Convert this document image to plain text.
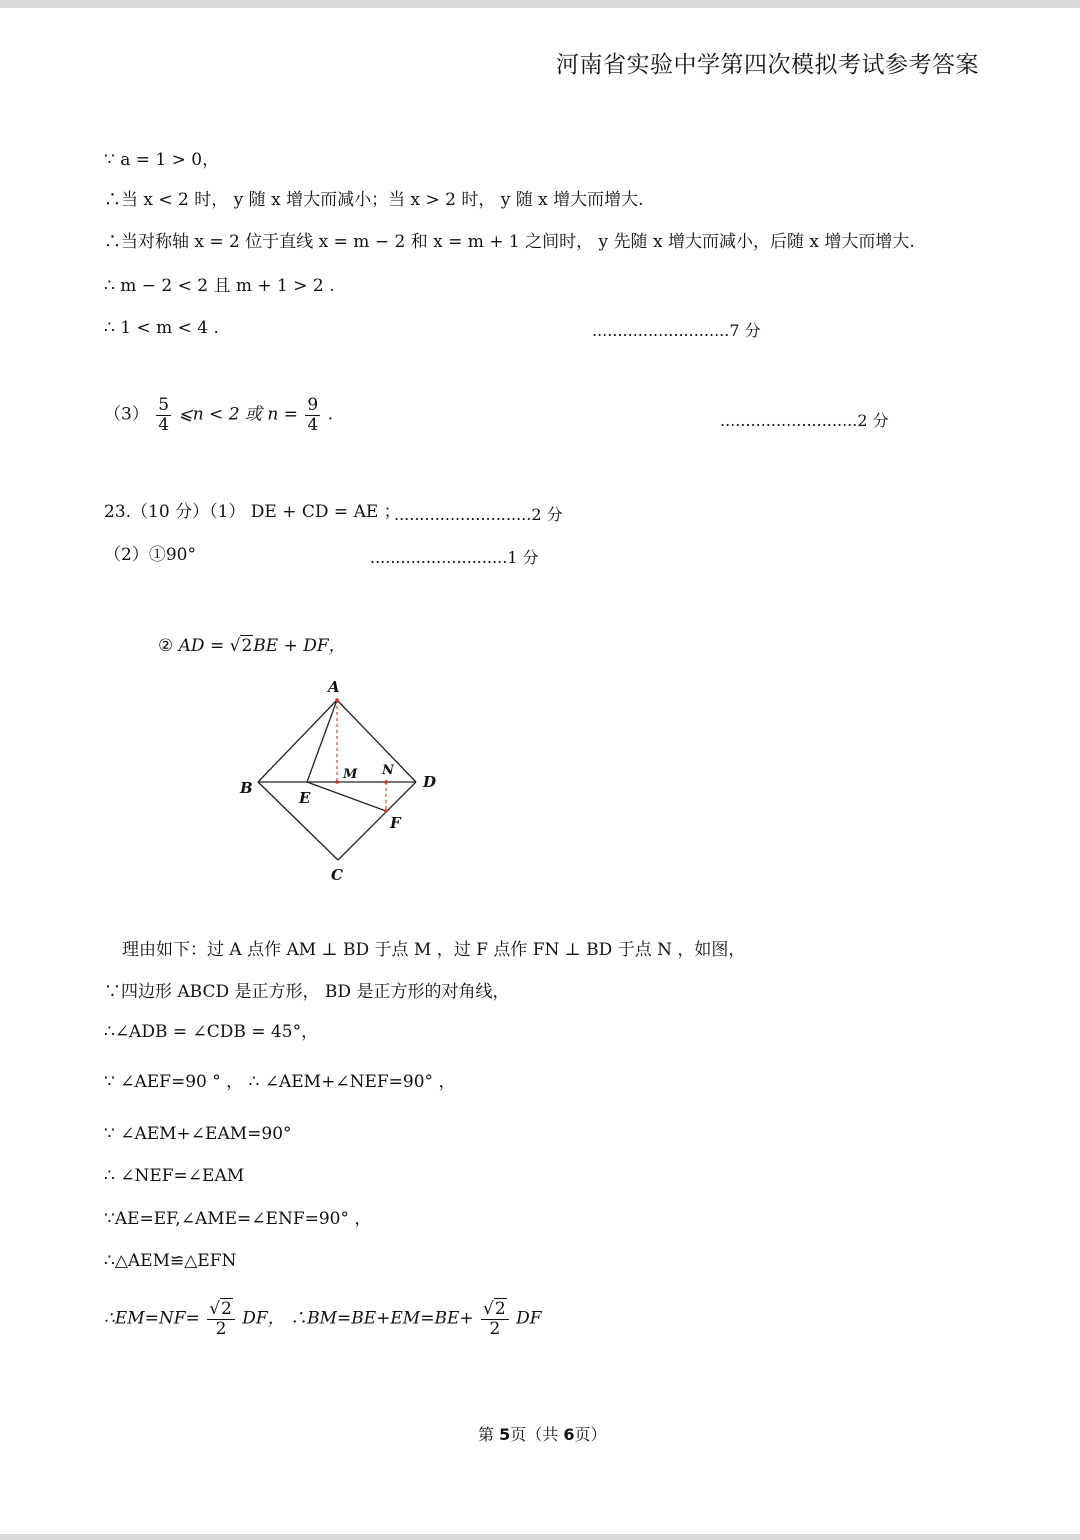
河南省实验中学第四次模拟考试参考答案
∵ a = 1 > 0，
∴当 x < 2 时， y 随 x 增大而减小；当 x > 2 时， y 随 x 增大而增大.
∴当对称轴 x = 2 位于直线 x = m − 2 和 x = m + 1 之间时， y 先随 x 增大而减小，后随 x 增大而增大.
∴ m − 2 < 2 且 m + 1 > 2 .
∴ 1 < m < 4 .	...........................7 分
$(3) \frac{5}{4}$ ⩽n < 2 或 $n = \frac{9}{4}$ .	...........................2 分
23.（10 分）（1） DE + CD = AE ；
...........................2 分
（2）①90°	...........................1 分
② AD = √2BE + DF，
A
B
C
D
E
F
M N
理由如下：过 A 点作 AM ⊥ BD 于点 M ，过 F 点作 FN ⊥ BD 于点 N ，如图，
∵四边形 ABCD 是正方形， BD 是正方形的对角线，
∴∠ADB = ∠CDB = 45°，
∵ ∠AEF=90 ° ， ∴ ∠AEM+∠NEF=90° ，
∵ ∠AEM+∠EAM=90°
∴ ∠NEF=∠EAM
∵AE=EF,∠AME=∠ENF=90° ，
∴△AEM≌△EFN
∴EM=NF= $\frac{√2}{2}$ DF， ∴BM=BE+EM=BE+ $\frac{√2}{2}$ DF
第 5页（共 6页）
